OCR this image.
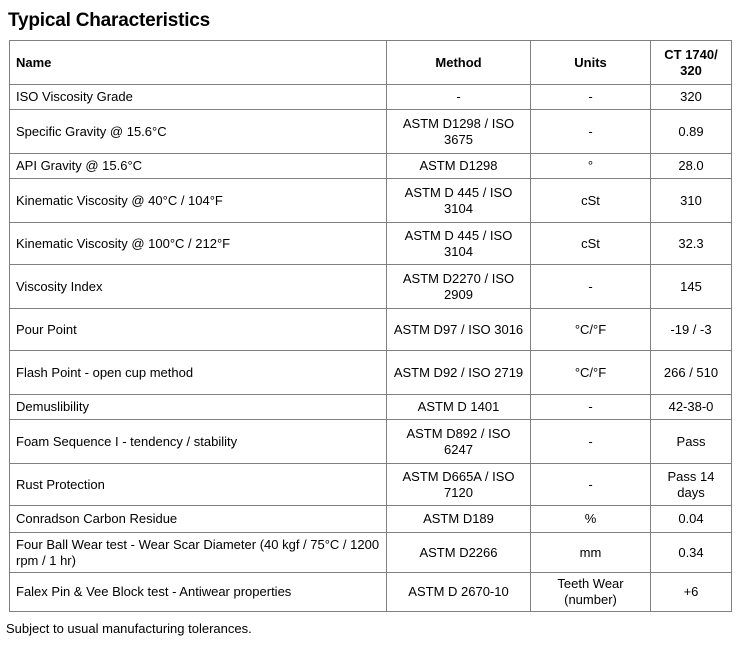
Typical Characteristics
Name	Method	Units	CT 1740/ 320
ISO Viscosity Grade	-	-	320
Specific Gravity @ 15.6°C	ASTM D1298 / ISO 3675	-	0.89
API Gravity @ 15.6°C	ASTM D1298	°	28.0
Kinematic Viscosity @ 40°C / 104°F	ASTM D 445 / ISO 3104	cSt	310
Kinematic Viscosity @ 100°C / 212°F	ASTM D 445 / ISO 3104	cSt	32.3
Viscosity Index	ASTM D2270 / ISO 2909	-	145
Pour Point	ASTM D97 / ISO 3016	°C/°F	-19 / -3
Flash Point - open cup method	ASTM D92 / ISO 2719	°C/°F	266 / 510
Demuslibility	ASTM D 1401	-	42-38-0
Foam Sequence I - tendency / stability	ASTM D892 / ISO 6247	-	Pass
Rust Protection	ASTM D665A / ISO 7120	-	Pass 14 days
Conradson Carbon Residue	ASTM D189	%	0.04
Four Ball Wear test - Wear Scar Diameter (40 kgf / 75°C / 1200 rpm / 1 hr)	ASTM D2266	mm	0.34
Falex Pin & Vee Block test - Antiwear properties	ASTM D 2670-10	Teeth Wear (number)	+6
Subject to usual manufacturing tolerances.
